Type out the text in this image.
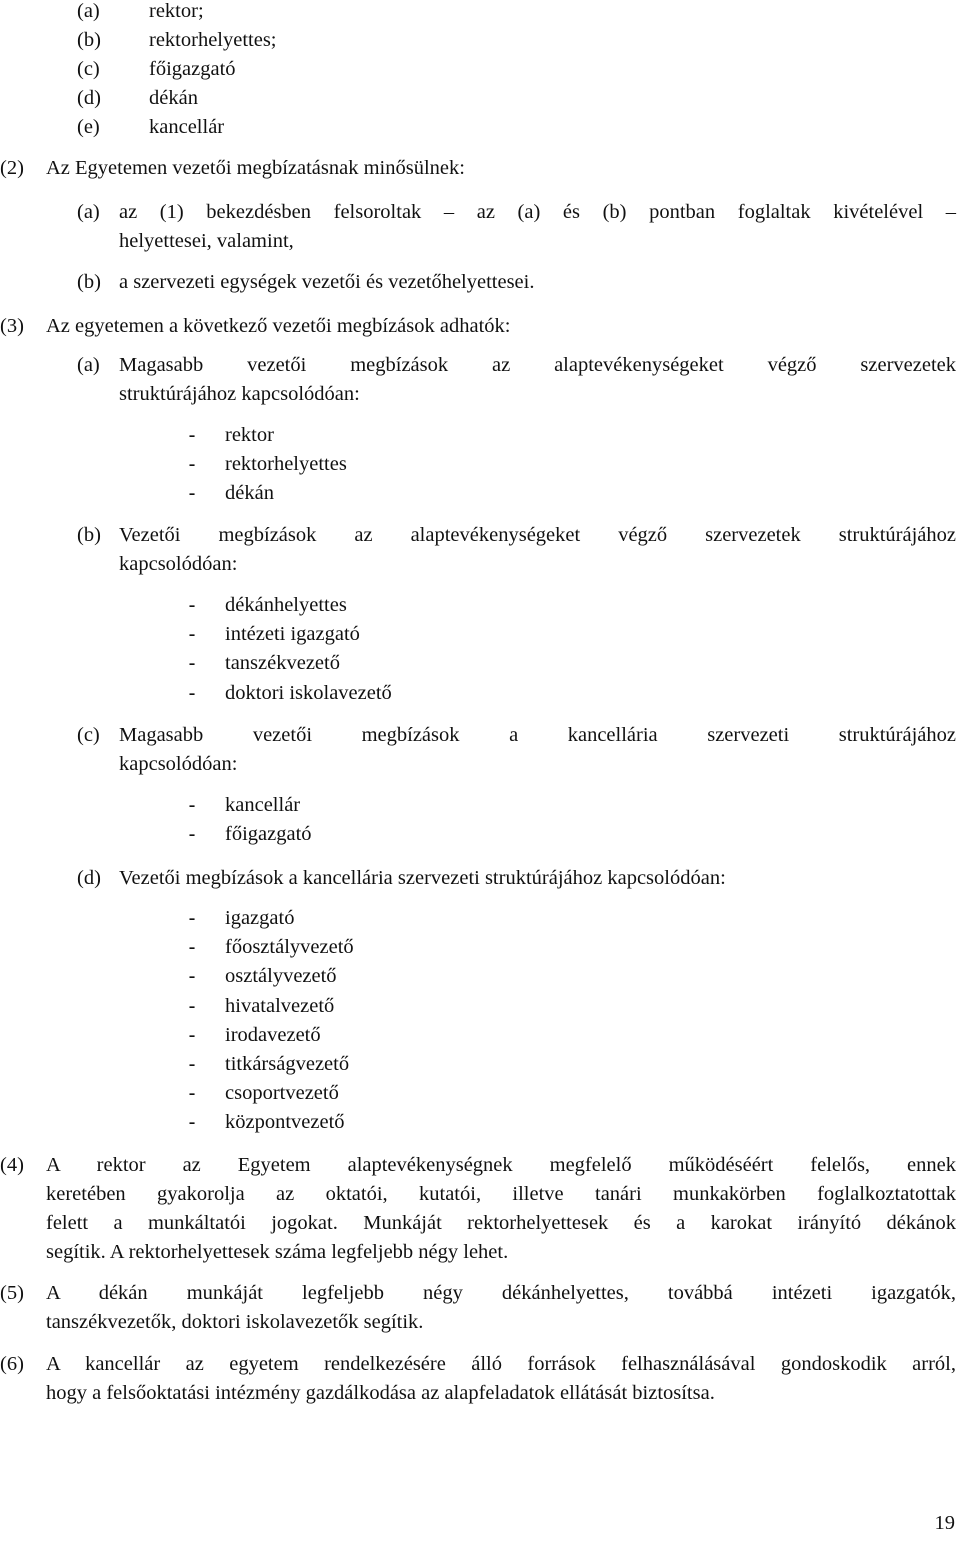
(a) rektor;
(b) rektorhelyettes;
(c) főigazgató
(d) dékán
(e) kancellár
(2) Az Egyetemen vezetői megbízatásnak minősülnek:
(a) az (1) bekezdésben felsoroltak – az (a) és (b) pontban foglaltak kivételével –
helyettesei, valamint,
(b) a szervezeti egységek vezetői és vezetőhelyettesei.
(3) Az egyetemen a következő vezetői megbízások adhatók:
(a) Magasabb vezetői megbízások az alaptevékenységeket végző szervezetek
struktúrájához kapcsolódóan:
-	rektor
-	rektorhelyettes
-	dékán
(b) Vezetői megbízások az alaptevékenységeket végző szervezetek struktúrájához
kapcsolódóan:
-	dékánhelyettes
-	intézeti igazgató
-	tanszékvezető
-	doktori iskolavezető
(c) Magasabb vezetői megbízások a kancellária szervezeti struktúrájához
kapcsolódóan:
-	kancellár
-	főigazgató
(d) Vezetői megbízások a kancellária szervezeti struktúrájához kapcsolódóan:
-	igazgató
-	főosztályvezető
-	osztályvezető
-	hivatalvezető
-	irodavezető
-	titkárságvezető
-	csoportvezető
-	központvezető
(4) A rektor az Egyetem alaptevékenységnek megfelelő működéséért felelős, ennek
keretében gyakorolja az oktatói, kutatói, illetve tanári munkakörben foglalkoztatottak
felett a munkáltatói jogokat. Munkáját rektorhelyettesek és a karokat irányító dékánok
segítik. A rektorhelyettesek száma legfeljebb négy lehet.
(5) A dékán munkáját legfeljebb négy dékánhelyettes, továbbá intézeti igazgatók,
tanszékvezetők, doktori iskolavezetők segítik.
(6) A kancellár az egyetem rendelkezésére álló források felhasználásával gondoskodik arról,
hogy a felsőoktatási intézmény gazdálkodása az alapfeladatok ellátását biztosítsa.
19
